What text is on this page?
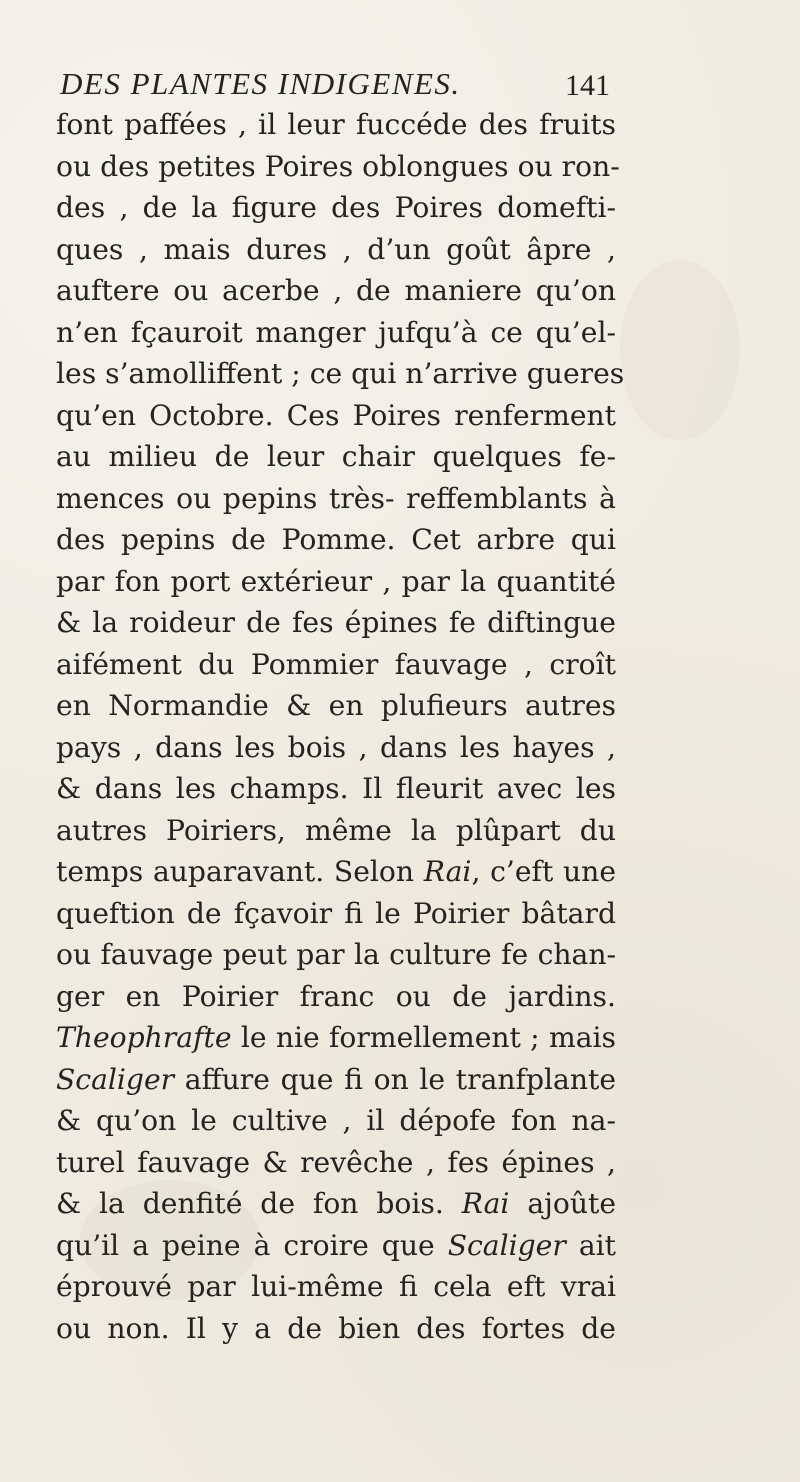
DES PLANTES INDIGENES.	141
font paffées , il leur fuccéde des fruits
ou des petites Poires oblongues ou ron-
des , de la figure des Poires domefti-
ques , mais dures , d’un goût âpre ,
auftere ou acerbe , de maniere qu’on
n’en fçauroit manger jufqu’à ce qu’el-
les s’amolliffent ; ce qui n’arrive gueres
qu’en Octobre. Ces Poires renferment
au milieu de leur chair quelques fe-
mences ou pepins très- reffemblants à
des pepins de Pomme. Cet arbre qui
par fon port extérieur , par la quantité
& la roideur de fes épines fe diftingue
aifément du Pommier fauvage , croît
en Normandie & en plufieurs autres
pays , dans les bois , dans les hayes ,
& dans les champs. Il fleurit avec les
autres Poiriers, même la plûpart du
temps auparavant. Selon Rai, c’eft une
queftion de fçavoir fi le Poirier bâtard
ou fauvage peut par la culture fe chan-
ger en Poirier franc ou de jardins.
Theophrafte le nie formellement ; mais
Scaliger affure que fi on le tranfplante
& qu’on le cultive , il dépofe fon na-
turel fauvage & revêche , fes épines ,
& la denfité de fon bois. Rai ajoûte
qu’il a peine à croire que Scaliger ait
éprouvé par lui-même fi cela eft vrai
ou non. Il y a de bien des fortes de
